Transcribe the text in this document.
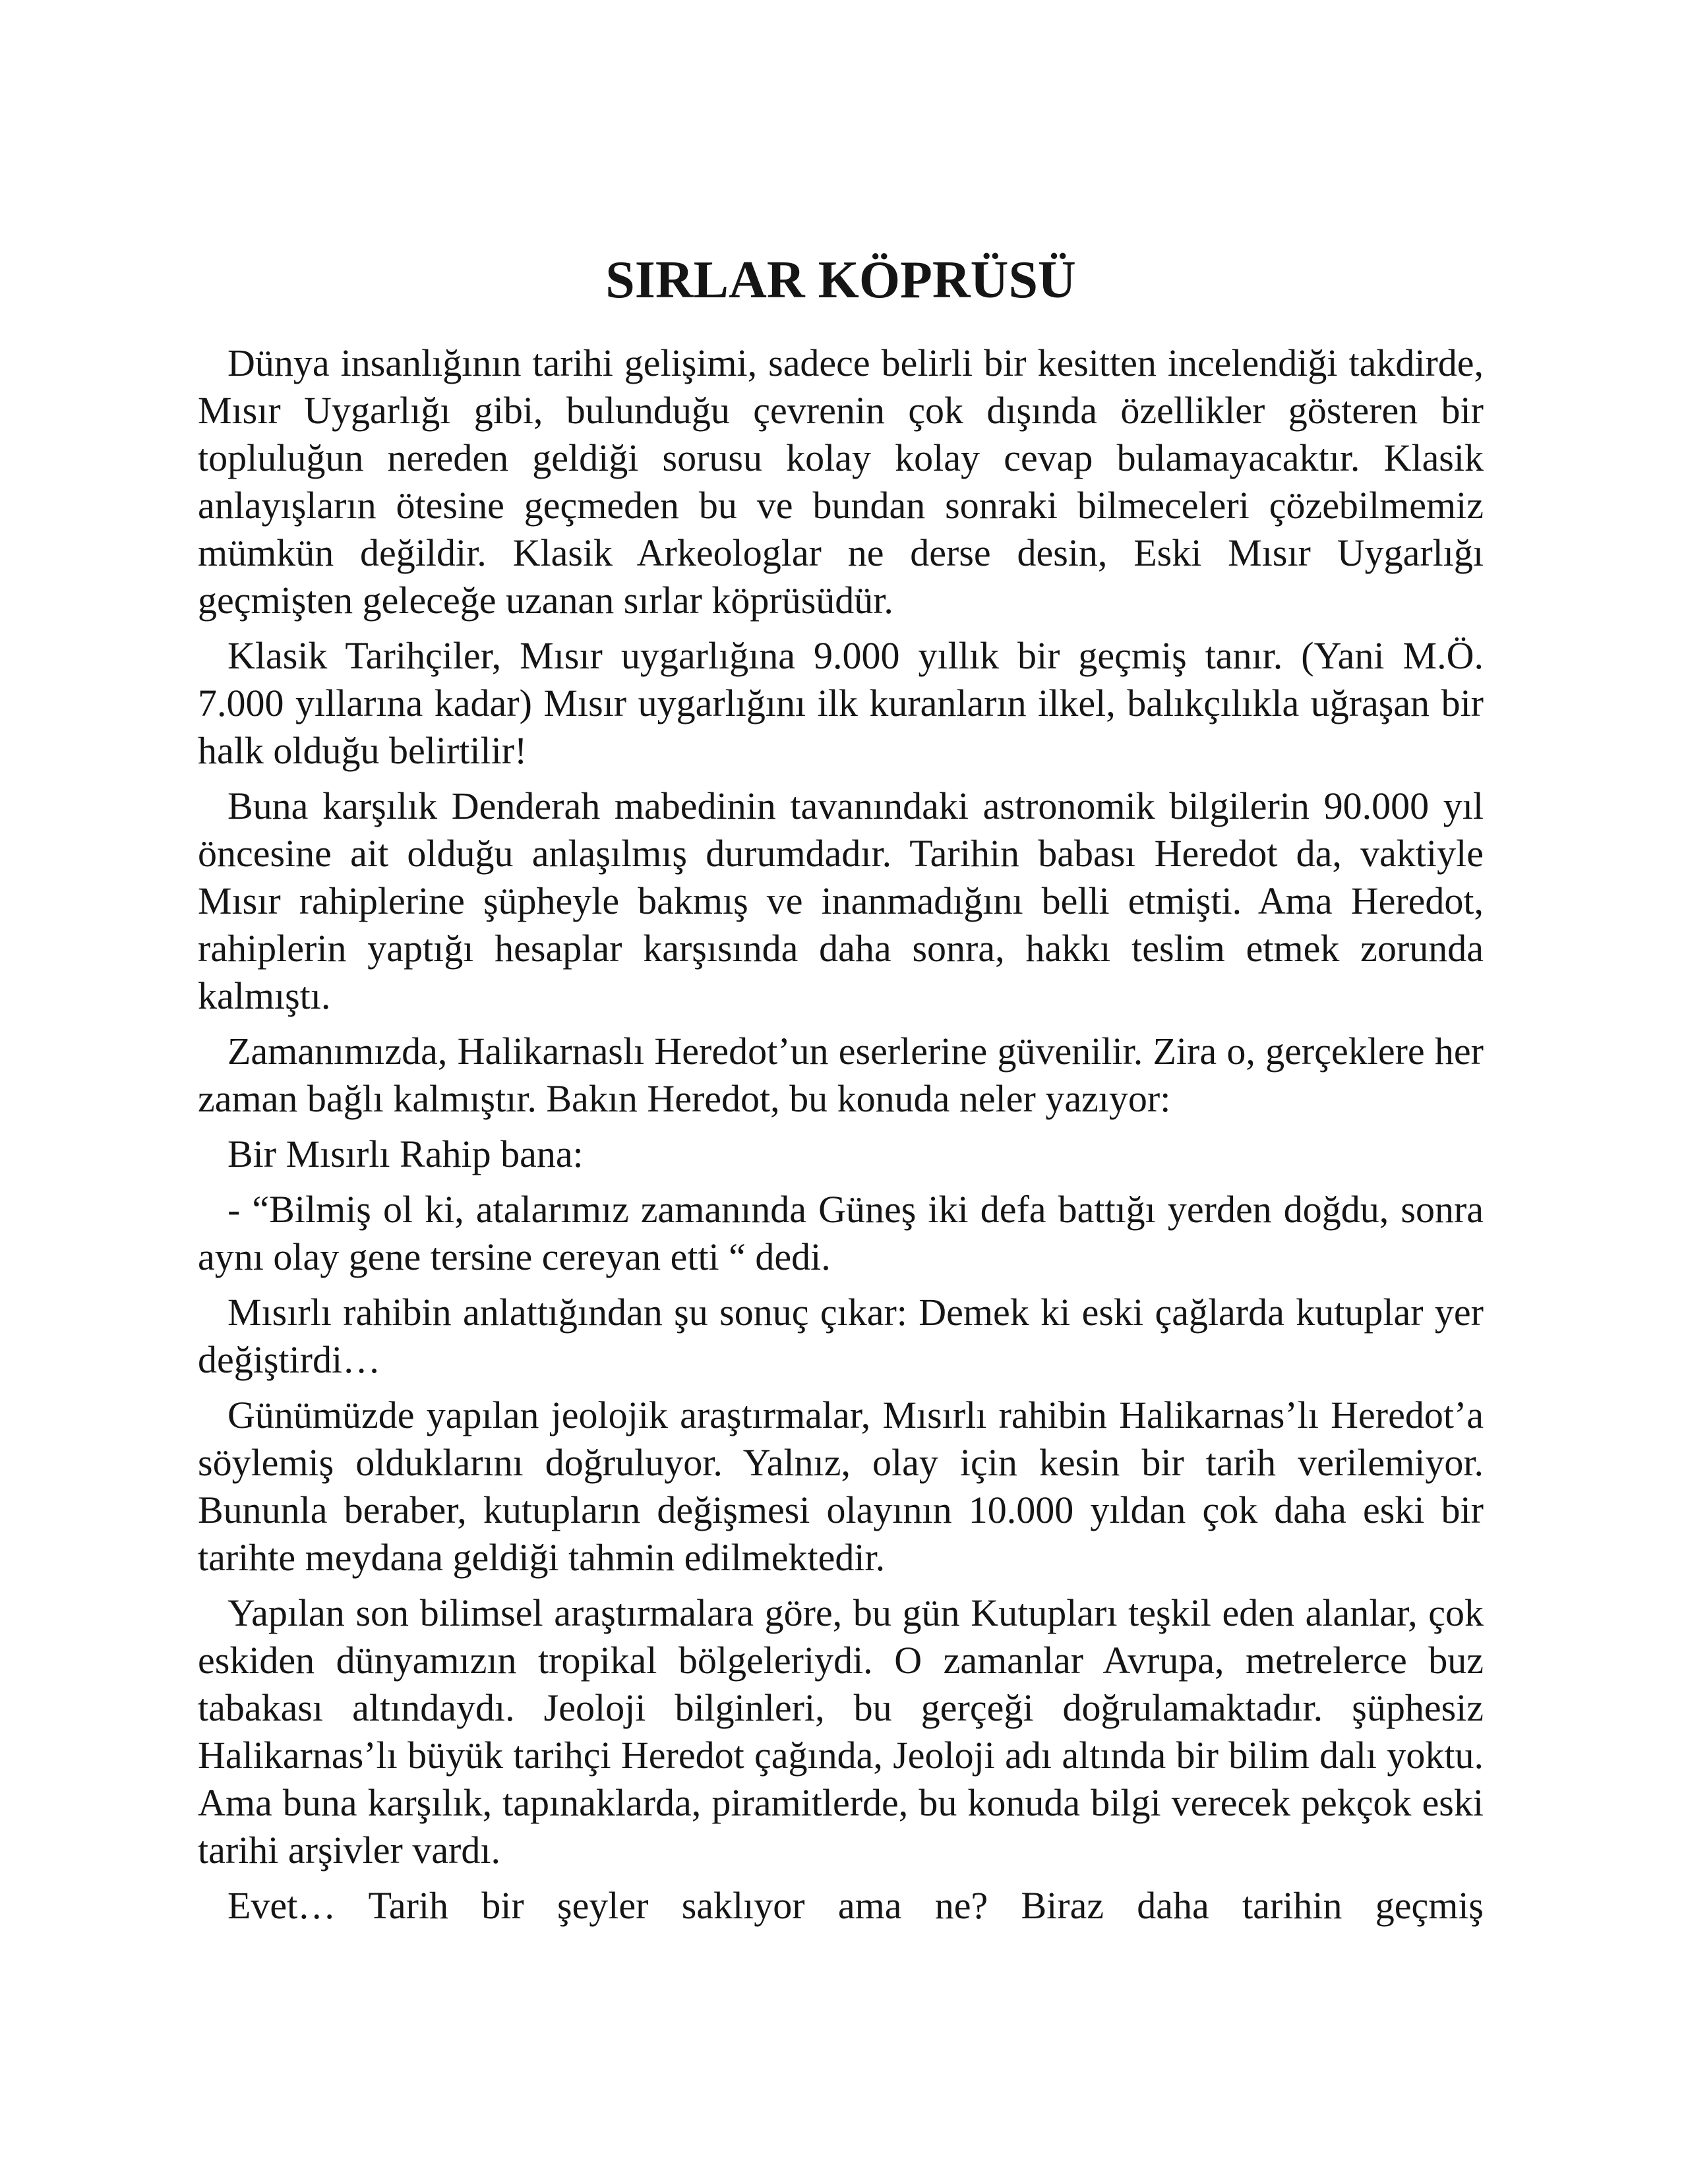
SIRLAR KÖPRÜSÜ

Dünya insanlığının tarihi gelişimi, sadece belirli bir kesitten incelendiği takdirde, Mısır Uygarlığı gibi, bulunduğu çevrenin çok dışında özellikler gösteren bir topluluğun nereden geldiği sorusu kolay kolay cevap bulamayacaktır. Klasik anlayışların ötesine geçmeden bu ve bundan sonraki bilmeceleri çözebilmemiz mümkün değildir. Klasik Arkeologlar ne derse desin, Eski Mısır Uygarlığı geçmişten geleceğe uzanan sırlar köprüsüdür.

Klasik Tarihçiler, Mısır uygarlığına 9.000 yıllık bir geçmiş tanır. (Yani M.Ö. 7.000 yıllarına kadar) Mısır uygarlığını ilk kuranların ilkel, balıkçılıkla uğraşan bir halk olduğu belirtilir!

Buna karşılık Denderah mabedinin tavanındaki astronomik bilgilerin 90.000 yıl öncesine ait olduğu anlaşılmış durumdadır. Tarihin babası Heredot da, vaktiyle Mısır rahiplerine şüpheyle bakmış ve inanmadığını belli etmişti. Ama Heredot, rahiplerin yaptığı hesaplar karşısında daha sonra, hakkı teslim etmek zorunda kalmıştı.

Zamanımızda, Halikarnaslı Heredot’un eserlerine güvenilir. Zira o, gerçeklere her zaman bağlı kalmıştır. Bakın Heredot, bu konuda neler yazıyor:

Bir Mısırlı Rahip bana:

- “Bilmiş ol ki, atalarımız zamanında Güneş iki defa battığı yerden doğdu, sonra aynı olay gene tersine cereyan etti “ dedi.

Mısırlı rahibin anlattığından şu sonuç çıkar: Demek ki eski çağlarda kutuplar yer değiştirdi…

Günümüzde yapılan jeolojik araştırmalar, Mısırlı rahibin Halikarnas’lı Heredot’a söylemiş olduklarını doğruluyor. Yalnız, olay için kesin bir tarih verilemiyor. Bununla beraber, kutupların değişmesi olayının 10.000 yıldan çok daha eski bir tarihte meydana geldiği tahmin edilmektedir.

Yapılan son bilimsel araştırmalara göre, bu gün Kutupları teşkil eden alanlar, çok eskiden dünyamızın tropikal bölgeleriydi. O zamanlar Avrupa, metrelerce buz tabakası altındaydı. Jeoloji bilginleri, bu gerçeği doğrulamaktadır. şüphesiz Halikarnas’lı büyük tarihçi Heredot çağında, Jeoloji adı altında bir bilim dalı yoktu. Ama buna karşılık, tapınaklarda, piramitlerde, bu konuda bilgi verecek pekçok eski tarihi arşivler vardı.

Evet… Tarih bir şeyler saklıyor ama ne? Biraz daha tarihin geçmiş
